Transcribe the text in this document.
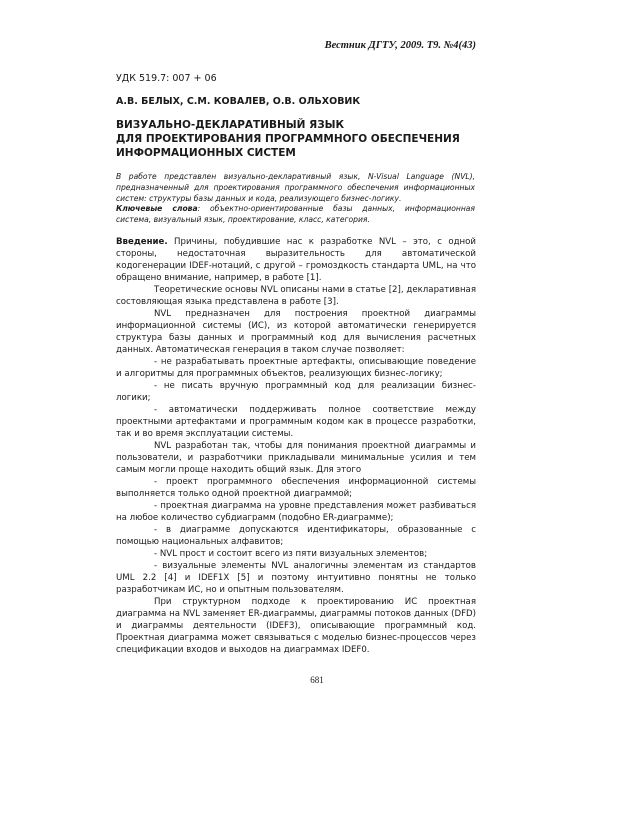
Вестник ДГТУ, 2009. Т9. №4(43)
УДК 519.7: 007 + 06
А.В. БЕЛЫХ, С.М. КОВАЛЕВ, О.В. ОЛЬХОВИК
ВИЗУАЛЬНО-ДЕКЛАРАТИВНЫЙ ЯЗЫК
ДЛЯ ПРОЕКТИРОВАНИЯ ПРОГРАММНОГО ОБЕСПЕЧЕНИЯ
ИНФОРМАЦИОННЫХ СИСТЕМ

В работе представлен визуально-декларативный язык, N-Visual Language (NVL), предназначенный для проектирования программного обеспечения информационных систем: структуры базы данных и кода, реализующего бизнес-логику.

Ключевые слова: объектно-ориентированные базы данных, информационная система, визуальный язык, проектирование, класс, категория.

Введение. Причины, побудившие нас к разработке NVL – это, с одной стороны, недостаточная выразительность для автоматической кодогенерации IDEF-нотаций, с другой – громоздкость стандарта UML, на что обращено внимание, например, в работе [1].

Теоретические основы NVL описаны нами в статье [2], декларативная состовляющая языка представлена в работе [3].

NVL предназначен для построения проектной диаграммы информационной системы (ИС), из которой автоматически генерируется структура базы данных и программный код для вычисления расчетных данных. Автоматическая генерация в таком случае позволяет:

- не разрабатывать проектные артефакты, описывающие поведение и алгоритмы для программных объектов, реализующих бизнес-логику;

- не писать вручную программный код для реализации бизнес-логики;

- автоматически поддерживать полное соответствие между проектными артефактами и программным кодом как в процессе разработки, так и во время эксплуатации системы.

NVL разработан так, чтобы для понимания проектной диаграммы и пользователи, и разработчики прикладывали минимальные усилия и тем самым могли проще находить общий язык. Для этого

- проект программного обеспечения информационной системы выполняется только одной проектной диаграммой;

- проектная диаграмма на уровне представления может разбиваться на любое количество субдиаграмм (подобно ER-диаграмме);

- в диаграмме допускаются идентификаторы, образованные с помощью национальных алфавитов;

- NVL прост и состоит всего из пяти визуальных элементов;

- визуальные элементы NVL аналогичны элементам из стандартов UML 2.2 [4] и IDEF1X [5] и поэтому интуитивно понятны не только разработчикам ИС, но и опытным пользователям.

При структурном подходе к проектированию ИС проектная диаграмма на NVL заменяет ER-диаграммы, диаграммы потоков данных (DFD) и диаграммы деятельности (IDEF3), описывающие программный код. Проектная диаграмма может связываться с моделью бизнес-процессов через спецификации входов и выходов на диаграммах IDEF0.

681
